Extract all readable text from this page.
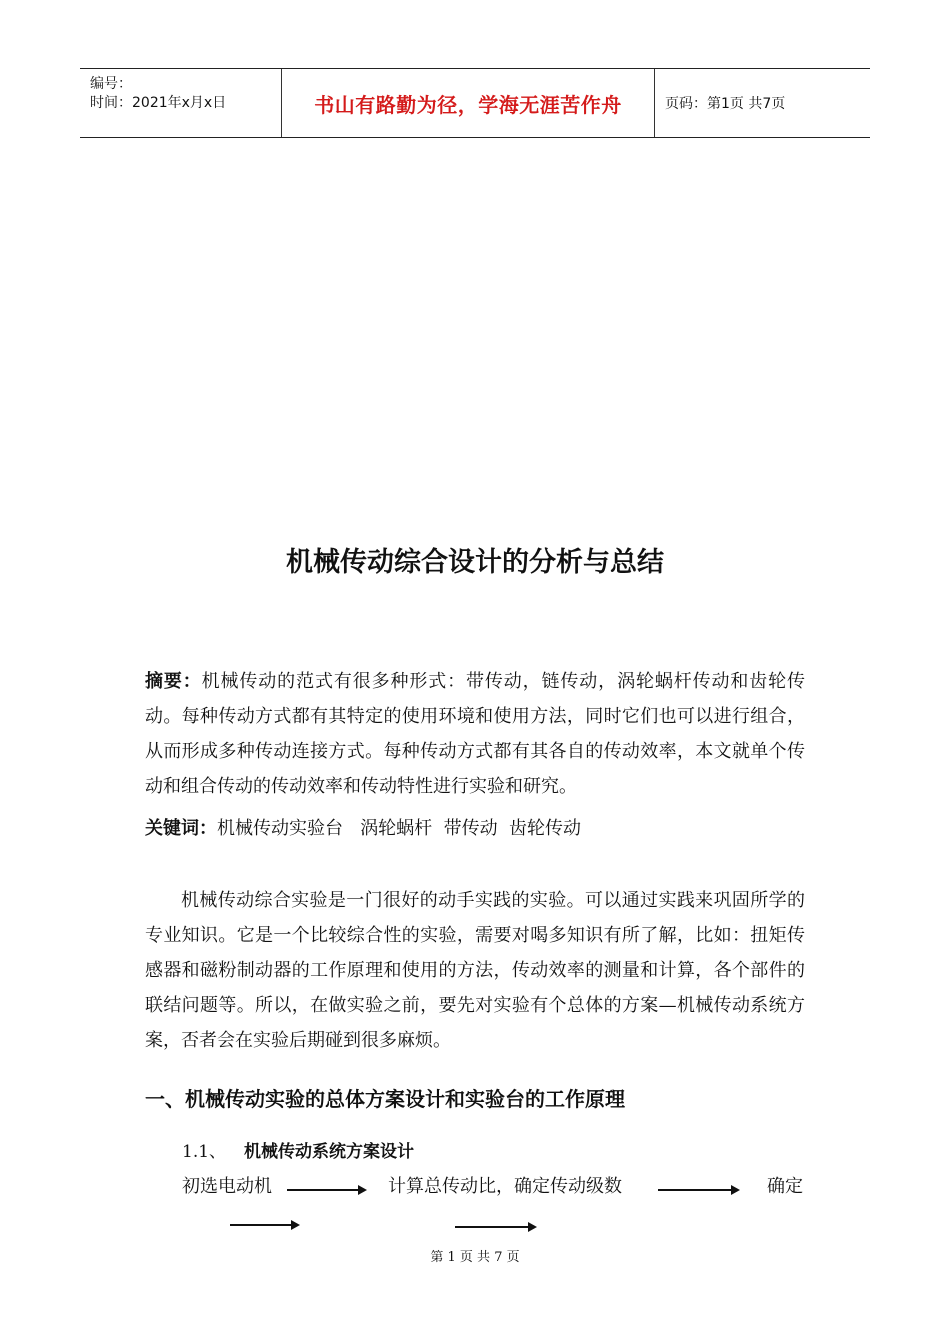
编号：
时间：2021年x月x日	书山有路勤为径，学海无涯苦作舟	页码：第1页 共7页
机械传动综合设计的分析与总结
摘要：机械传动的范式有很多种形式：带传动，链传动，涡轮蜗杆传动和齿轮传动。每种传动方式都有其特定的使用环境和使用方法，同时它们也可以进行组合，从而形成多种传动连接方式。每种传动方式都有其各自的传动效率，本文就单个传动和组合传动的传动效率和传动特性进行实验和研究。
关键词：机械传动实验台   涡轮蜗杆  带传动  齿轮传动
机械传动综合实验是一门很好的动手实践的实验。可以通过实践来巩固所学的专业知识。它是一个比较综合性的实验，需要对喝多知识有所了解，比如：扭矩传感器和磁粉制动器的工作原理和使用的方法，传动效率的测量和计算，各个部件的联结问题等。所以，在做实验之前，要先对实验有个总体的方案—机械传动系统方案，否者会在实验后期碰到很多麻烦。
一、机械传动实验的总体方案设计和实验台的工作原理
1.1、 机械传动系统方案设计
初选电动机	计算总传动比，确定传动级数	确定
第 1 页 共 7 页
